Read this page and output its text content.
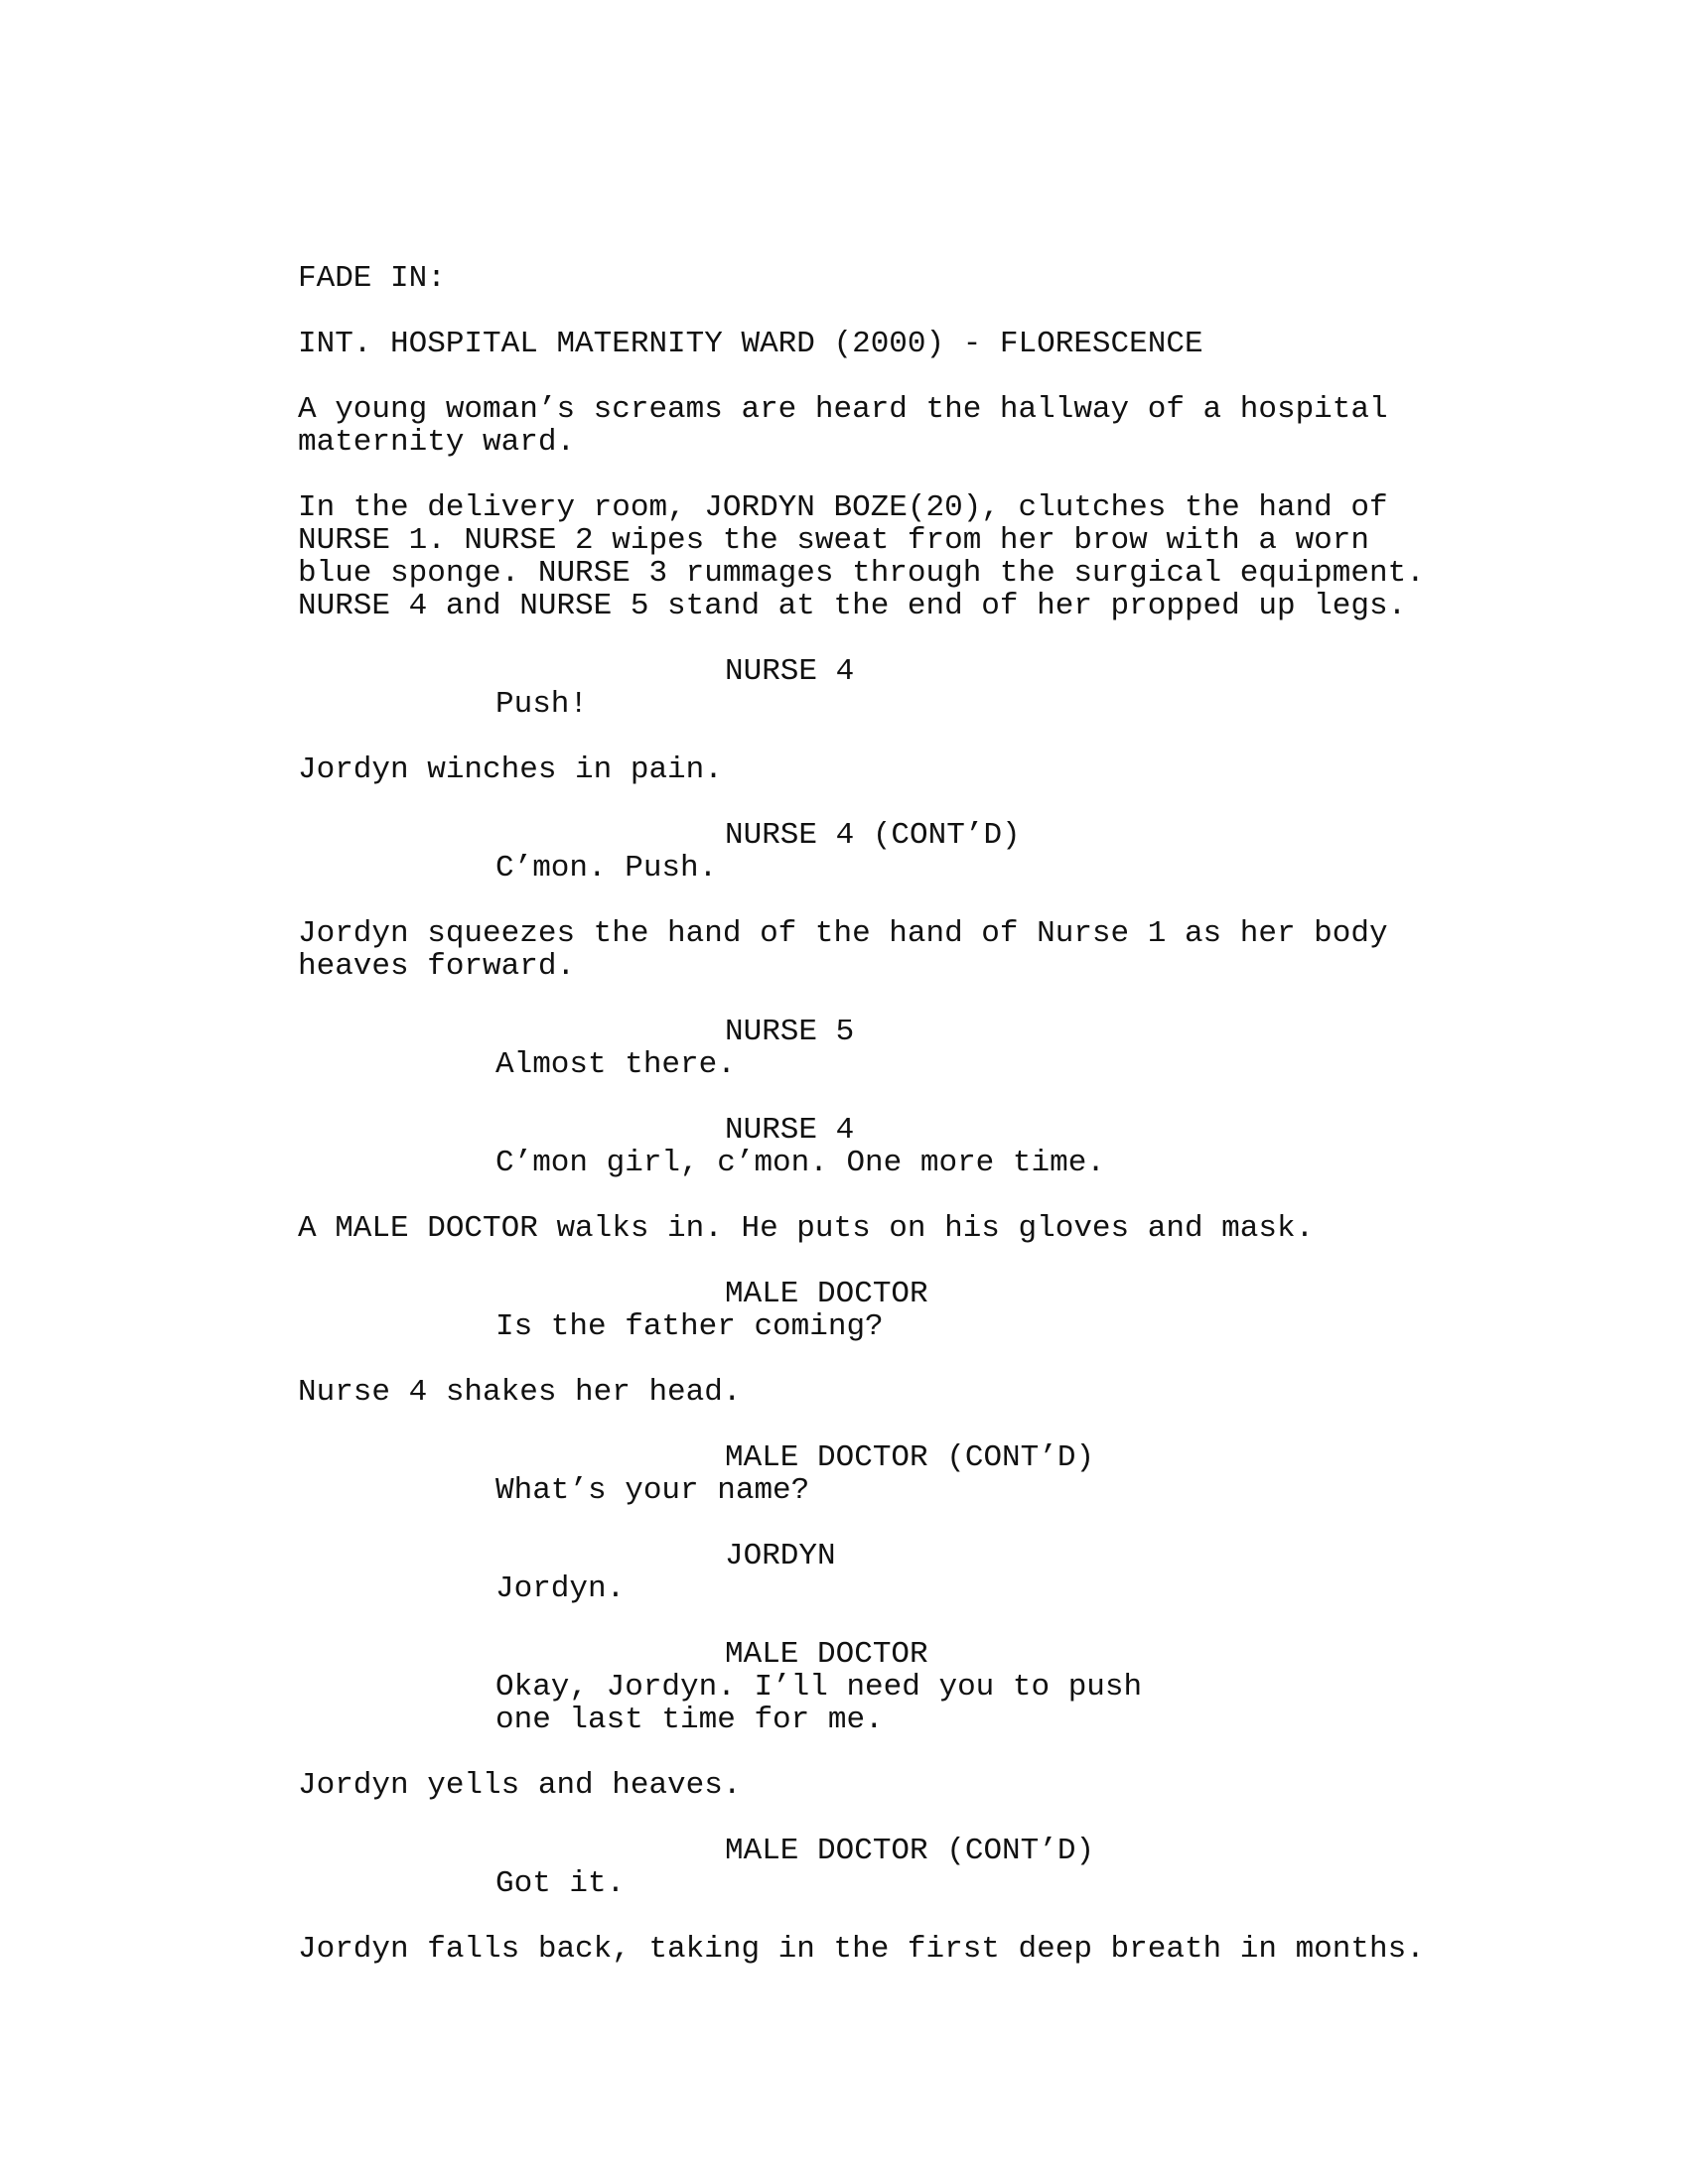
FADE IN:
INT. HOSPITAL MATERNITY WARD (2000) - FLORESCENCE
A young woman’s screams are heard the hallway of a hospital
maternity ward.
In the delivery room, JORDYN BOZE(20), clutches the hand of
NURSE 1. NURSE 2 wipes the sweat from her brow with a worn
blue sponge. NURSE 3 rummages through the surgical equipment.
NURSE 4 and NURSE 5 stand at the end of her propped up legs.
NURSE 4
Push!
Jordyn winches in pain.
NURSE 4 (CONT’D)
C’mon. Push.
Jordyn squeezes the hand of the hand of Nurse 1 as her body
heaves forward.
NURSE 5
Almost there.
NURSE 4
C’mon girl, c’mon. One more time.
A MALE DOCTOR walks in. He puts on his gloves and mask.
MALE DOCTOR
Is the father coming?
Nurse 4 shakes her head.
MALE DOCTOR (CONT’D)
What’s your name?
JORDYN
Jordyn.
MALE DOCTOR
Okay, Jordyn. I’ll need you to push
one last time for me.
Jordyn yells and heaves.
MALE DOCTOR (CONT’D)
Got it.
Jordyn falls back, taking in the first deep breath in months.
